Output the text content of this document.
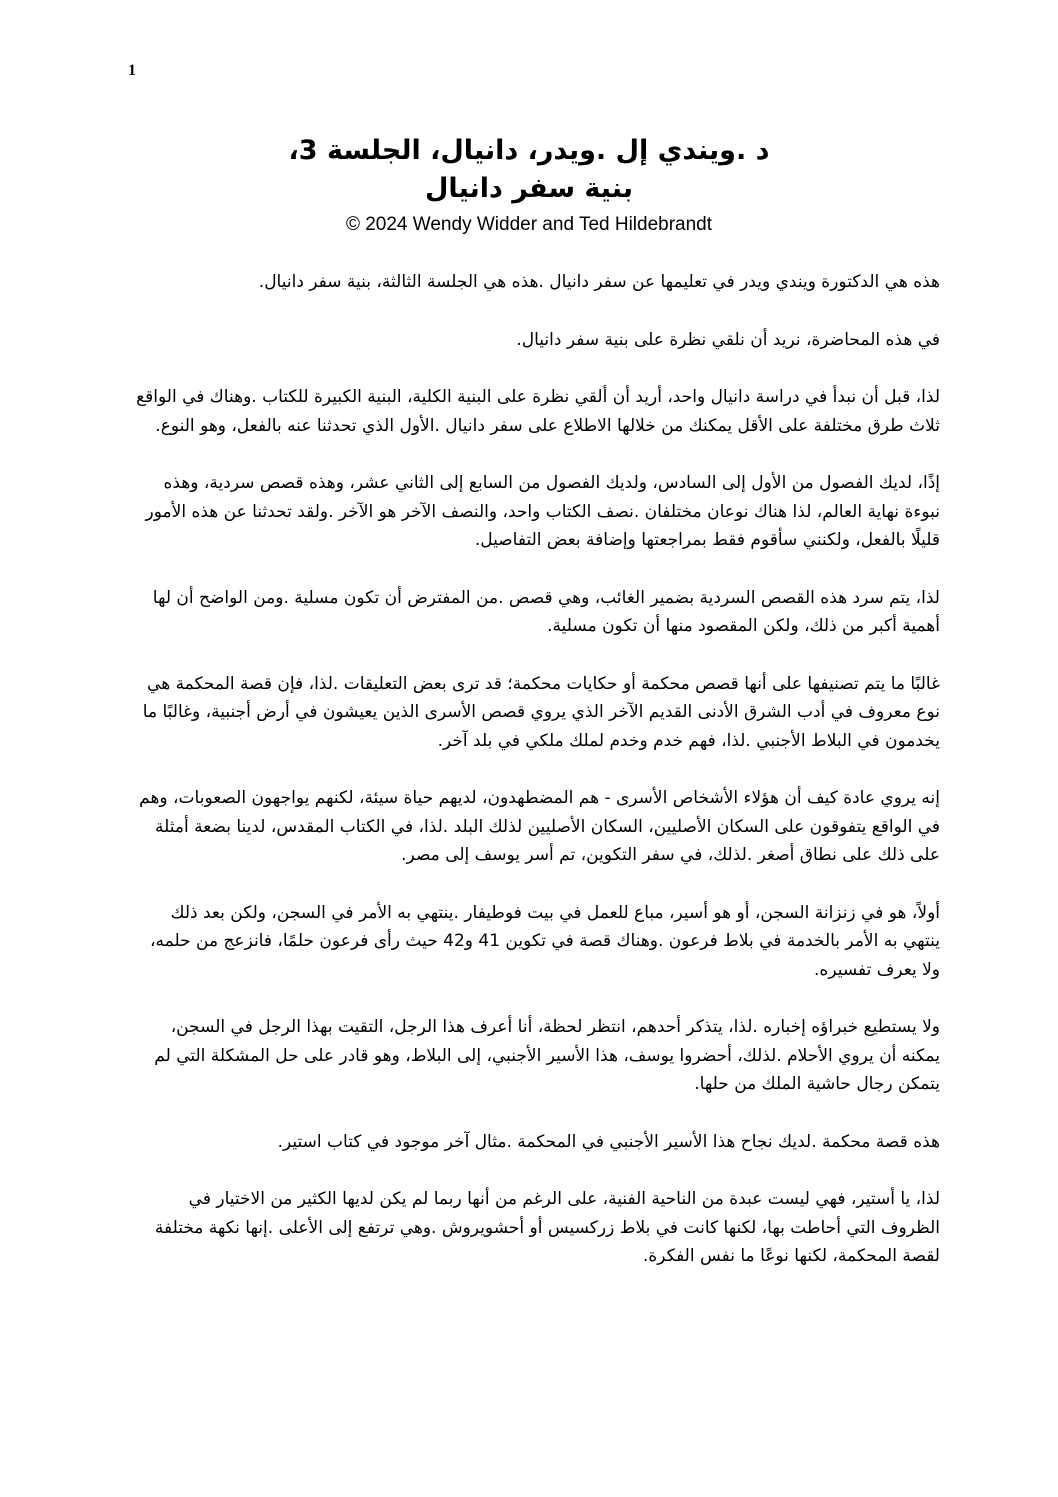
1
د .ويندي إل .ويدر، دانيال، الجلسة 3،
بنية سفر دانيال
© 2024 Wendy Widder and Ted Hildebrandt

هذه هي الدكتورة ويندي ويدر في تعليمها عن سفر دانيال .هذه هي الجلسة الثالثة، بنية سفر دانيال.

في هذه المحاضرة، نريد أن نلقي نظرة على بنية سفر دانيال.

لذا، قبل أن نبدأ في دراسة دانيال واحد، أريد أن ألقي نظرة على البنية الكلية، البنية الكبيرة للكتاب .وهناك في الواقع ثلاث طرق مختلفة على الأقل يمكنك من خلالها الاطلاع على سفر دانيال .الأول الذي تحدثنا عنه بالفعل، وهو النوع.

إذًا، لديك الفصول من الأول إلى السادس، ولديك الفصول من السابع إلى الثاني عشر، وهذه قصص سردية، وهذه نبوءة نهاية العالم، لذا هناك نوعان مختلفان .نصف الكتاب واحد، والنصف الآخر هو الآخر .ولقد تحدثنا عن هذه الأمور قليلًا بالفعل، ولكنني سأقوم فقط بمراجعتها وإضافة بعض التفاصيل.

لذا، يتم سرد هذه القصص السردية بضمير الغائب، وهي قصص .من المفترض أن تكون مسلية .ومن الواضح أن لها أهمية أكبر من ذلك، ولكن المقصود منها أن تكون مسلية.

غالبًا ما يتم تصنيفها على أنها قصص محكمة أو حكايات محكمة؛ قد ترى بعض التعليقات .لذا، فإن قصة المحكمة هي نوع معروف في أدب الشرق الأدنى القديم الآخر الذي يروي قصص الأسرى الذين يعيشون في أرض أجنبية، وغالبًا ما يخدمون في البلاط الأجنبي .لذا، فهم خدم وخدم لملك ملكي في بلد آخر.

إنه يروي عادة كيف أن هؤلاء الأشخاص الأسرى - هم المضطهدون، لديهم حياة سيئة، لكنهم يواجهون الصعوبات، وهم في الواقع يتفوقون على السكان الأصليين، السكان الأصليين لذلك البلد .لذا، في الكتاب المقدس، لدينا بضعة أمثلة على ذلك على نطاق أصغر .لذلك، في سفر التكوين، تم أسر يوسف إلى مصر.

أولاً، هو في زنزانة السجن، أو هو أسير، مباع للعمل في بيت فوطيفار .ينتهي به الأمر في السجن، ولكن بعد ذلك ينتهي به الأمر بالخدمة في بلاط فرعون .وهناك قصة في تكوين 41 و42 حيث رأى فرعون حلمًا، فانزعج من حلمه، ولا يعرف تفسيره.

ولا يستطيع خبراؤه إخباره .لذا، يتذكر أحدهم، انتظر لحظة، أنا أعرف هذا الرجل، التقيت بهذا الرجل في السجن، يمكنه أن يروي الأحلام .لذلك، أحضروا يوسف، هذا الأسير الأجنبي، إلى البلاط، وهو قادر على حل المشكلة التي لم يتمكن رجال حاشية الملك من حلها.

هذه قصة محكمة .لديك نجاح هذا الأسير الأجنبي في المحكمة .مثال آخر موجود في كتاب استير.

لذا، يا أستير، فهي ليست عبدة من الناحية الفنية، على الرغم من أنها ربما لم يكن لديها الكثير من الاختيار في الظروف التي أحاطت بها، لكنها كانت في بلاط زركسيس أو أحشويروش .وهي ترتفع إلى الأعلى .إنها نكهة مختلفة لقصة المحكمة، لكنها نوعًا ما نفس الفكرة.
